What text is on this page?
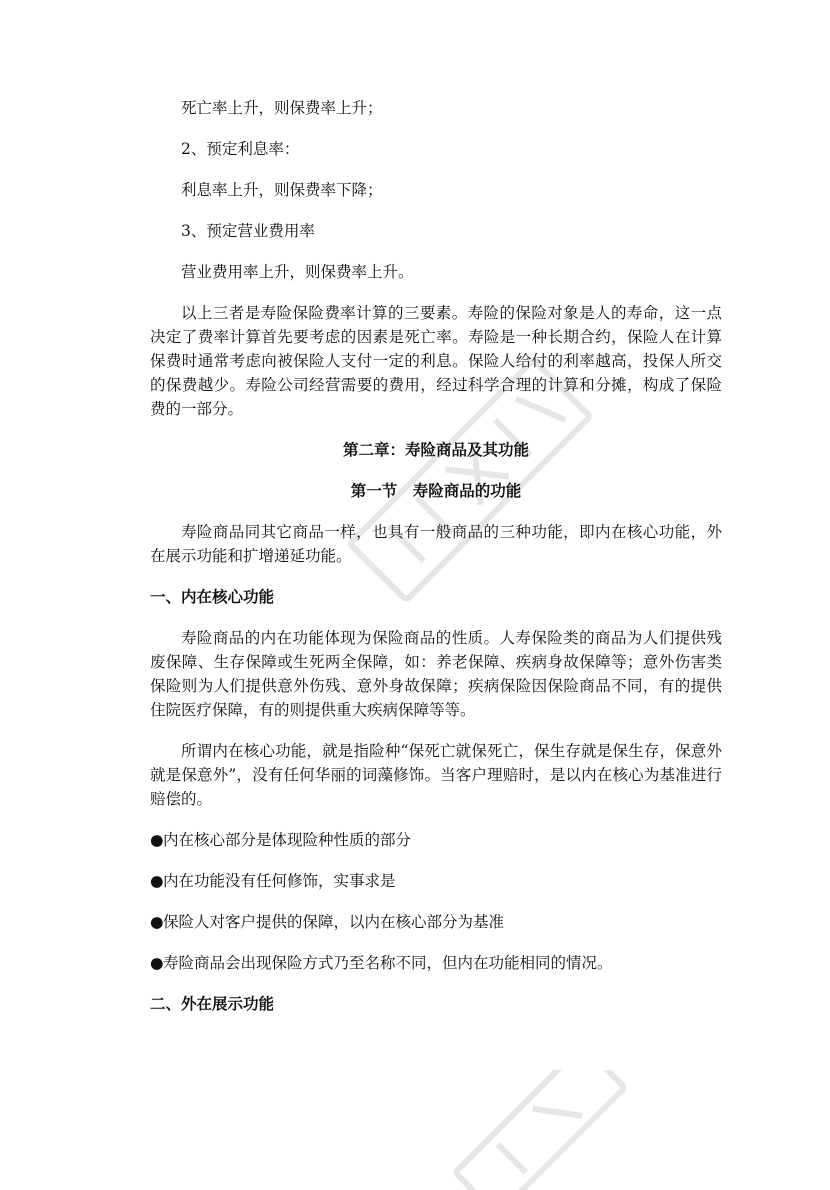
死亡率上升，则保费率上升；

2、预定利息率：

利息率上升，则保费率下降；

3、预定营业费用率

营业费用率上升，则保费率上升。

以上三者是寿险保险费率计算的三要素。寿险的保险对象是人的寿命，这一点决定了费率计算首先要考虑的因素是死亡率。寿险是一种长期合约，保险人在计算保费时通常考虑向被保险人支付一定的利息。保险人给付的利率越高，投保人所交的保费越少。寿险公司经营需要的费用，经过科学合理的计算和分摊，构成了保险费的一部分。

第二章：寿险商品及其功能

第一节　寿险商品的功能

寿险商品同其它商品一样，也具有一般商品的三种功能，即内在核心功能，外在展示功能和扩增递延功能。

一、内在核心功能

寿险商品的内在功能体现为保险商品的性质。人寿保险类的商品为人们提供残废保障、生存保障或生死两全保障，如：养老保障、疾病身故保障等；意外伤害类保险则为人们提供意外伤残、意外身故保障；疾病保险因保险商品不同，有的提供住院医疗保障，有的则提供重大疾病保障等等。

所谓内在核心功能，就是指险种“保死亡就保死亡，保生存就是保生存，保意外就是保意外”，没有任何华丽的词藻修饰。当客户理赔时，是以内在核心为基准进行赔偿的。

●内在核心部分是体现险种性质的部分

●内在功能没有任何修饰，实事求是

●保险人对客户提供的保障，以内在核心部分为基准

●寿险商品会出现保险方式乃至名称不同，但内在功能相同的情况。

二、外在展示功能
